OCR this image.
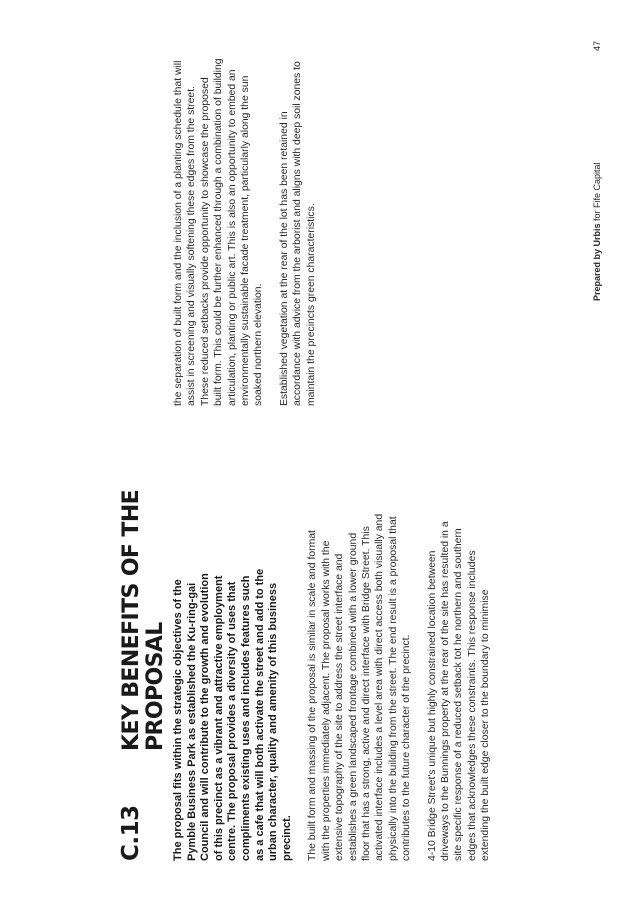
C.13
KEY BENEFITS OF THE PROPOSAL The proposal fits within the strategic objectives of the Pymble Business Park as established the Ku-ring-gai Council and will contribute to the growth and evolution of this precinct as a vibrant and attractive employment centre. The proposal provides a diversity of uses that compliments existing uses and includes features such as a cafe that will both activate the street and add to the urban character, quality and amenity of this business precinct. The built form and massing of the proposal is similar in scale and format with the properties immediately adjacent. The proposal works with the extensive topography of the site to address the street interface and establishes a green landscaped frontage combined with a lower ground floor that has a strong, active and direct interface with Bridge Street. This activated interface includes a level area with direct access both visually and physically into the building from the street. The end result is a proposal that contributes to the future character of the precinct. 4-10 Bridge Street's unique but highly constrained location between driveways to the Bunnings property at the rear of the site has resulted in a site specific response of a reduced setback tot he northern and southern edges that acknowledges these constraints. This response includes extending the built edge closer to the boundary to minimise

the separation of built form and the inclusion of a planting schedule that will assist in screening and visually softening these edges from the street. These reduced setbacks provide opportunity to showcase the proposed built form. This could be further enhanced through a combination of building articulation, planting or public art. This is also an opportunity to embed an environmentally sustainable facade treatment, particularly along the sun soaked northern elevation. Established vegetation at the rear of the lot has been retained in accordance with advice from the arborist and aligns with deep soil zones to maintain the precincts green characteristics.	Prepared by Urbis for Fife Capital
47
